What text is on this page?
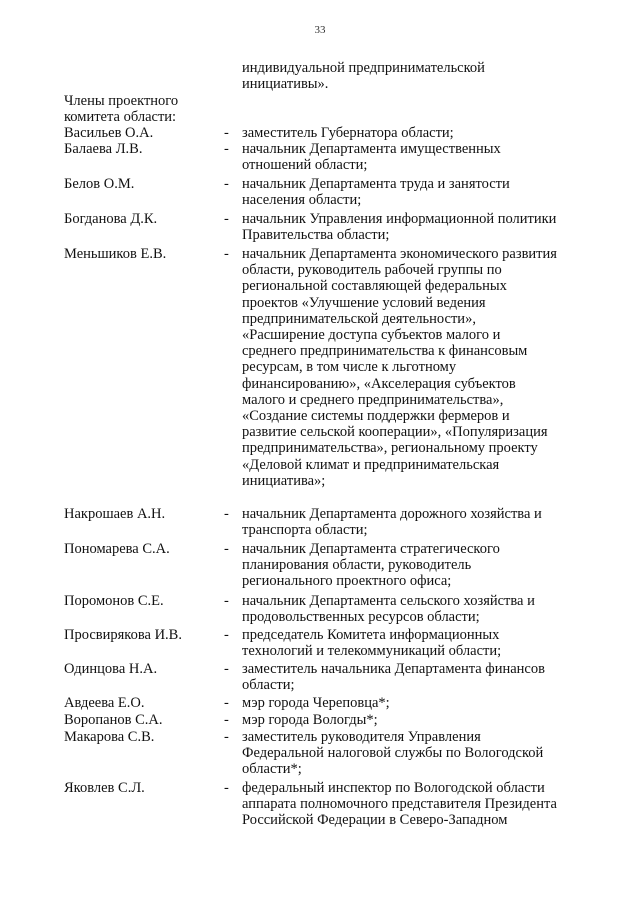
33
индивидуальной предпринимательской
инициативы».
Члены проектного
комитета области:
Васильев О.А.	- заместитель Губернатора области;
Балаева Л.В.	- начальник Департамента имущественных
отношений области;
Белов О.М.	- начальник Департамента труда и занятости
населения области;
Богданова Д.К.	- начальник Управления информационной политики
Правительства области;
Меньшиков Е.В.	- начальник Департамента экономического развития
области, руководитель рабочей группы по
региональной составляющей федеральных
проектов «Улучшение условий ведения
предпринимательской деятельности»,
«Расширение доступа субъектов малого и
среднего предпринимательства к финансовым
ресурсам, в том числе к льготному
финансированию», «Акселерация субъектов
малого и среднего предпринимательства»,
«Создание системы поддержки фермеров и
развитие сельской кооперации», «Популяризация
предпринимательства», региональному проекту
«Деловой климат и предпринимательская
инициатива»;
Накрошаев А.Н.	- начальник Департамента дорожного хозяйства и
транспорта области;
Пономарева С.А.	- начальник Департамента стратегического
планирования области, руководитель
регионального проектного офиса;
Поромонов С.Е.	- начальник Департамента сельского хозяйства и
продовольственных ресурсов области;
Просвирякова И.В.	- председатель Комитета информационных
технологий и телекоммуникаций области;
Одинцова Н.А.	- заместитель начальника Департамента финансов
области;
Авдеева Е.О.	- мэр города Череповца*;
Воропанов С.А.	- мэр города Вологды*;
Макарова С.В.	- заместитель руководителя Управления
Федеральной налоговой службы по Вологодской
области*;
Яковлев С.Л.	- федеральный инспектор по Вологодской области
аппарата полномочного представителя Президента
Российской Федерации в Северо-Западном
